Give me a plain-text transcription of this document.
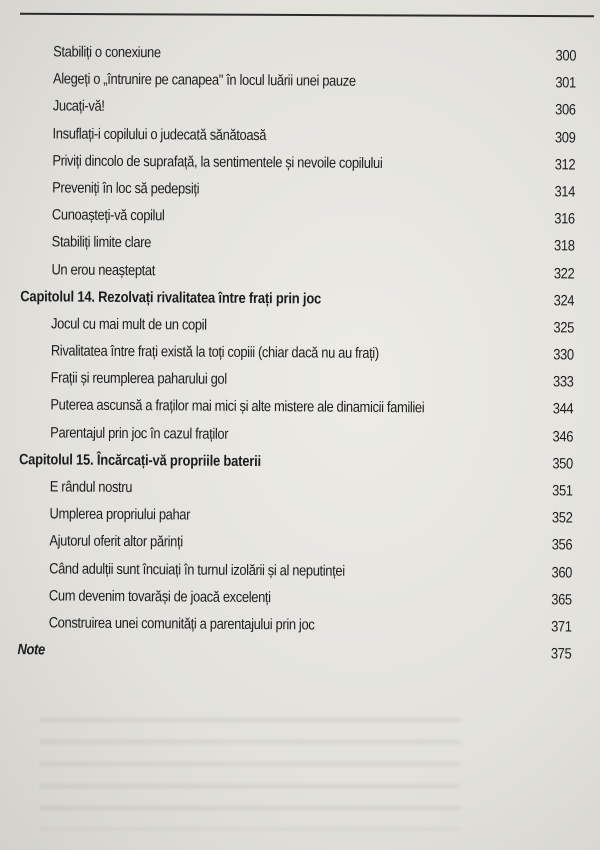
Stabiliți o conexiune	300
Alegeți o „întrunire pe canapea" în locul luării unei pauze	301
Jucați-vă!	306
Insuflați-i copilului o judecată sănătoasă	309
Priviți dincolo de suprafață, la sentimentele și nevoile copilului	312
Preveniți în loc să pedepsiți	314
Cunoașteți-vă copilul	316
Stabiliți limite clare	318
Un erou neașteptat	322
Capitolul 14. Rezolvați rivalitatea între frați prin joc	324
Jocul cu mai mult de un copil	325
Rivalitatea între frați există la toți copiii (chiar dacă nu au frați)	330
Frații și reumplerea paharului gol	333
Puterea ascunsă a fraților mai mici și alte mistere ale dinamicii familiei	344
Parentajul prin joc în cazul fraților	346
Capitolul 15. Încărcați-vă propriile baterii	350
E rândul nostru	351
Umplerea propriului pahar	352
Ajutorul oferit altor părinți	356
Când adulții sunt încuiați în turnul izolării și al neputinței	360
Cum devenim tovarăși de joacă excelenți	365
Construirea unei comunități a parentajului prin joc	371
Note	375
